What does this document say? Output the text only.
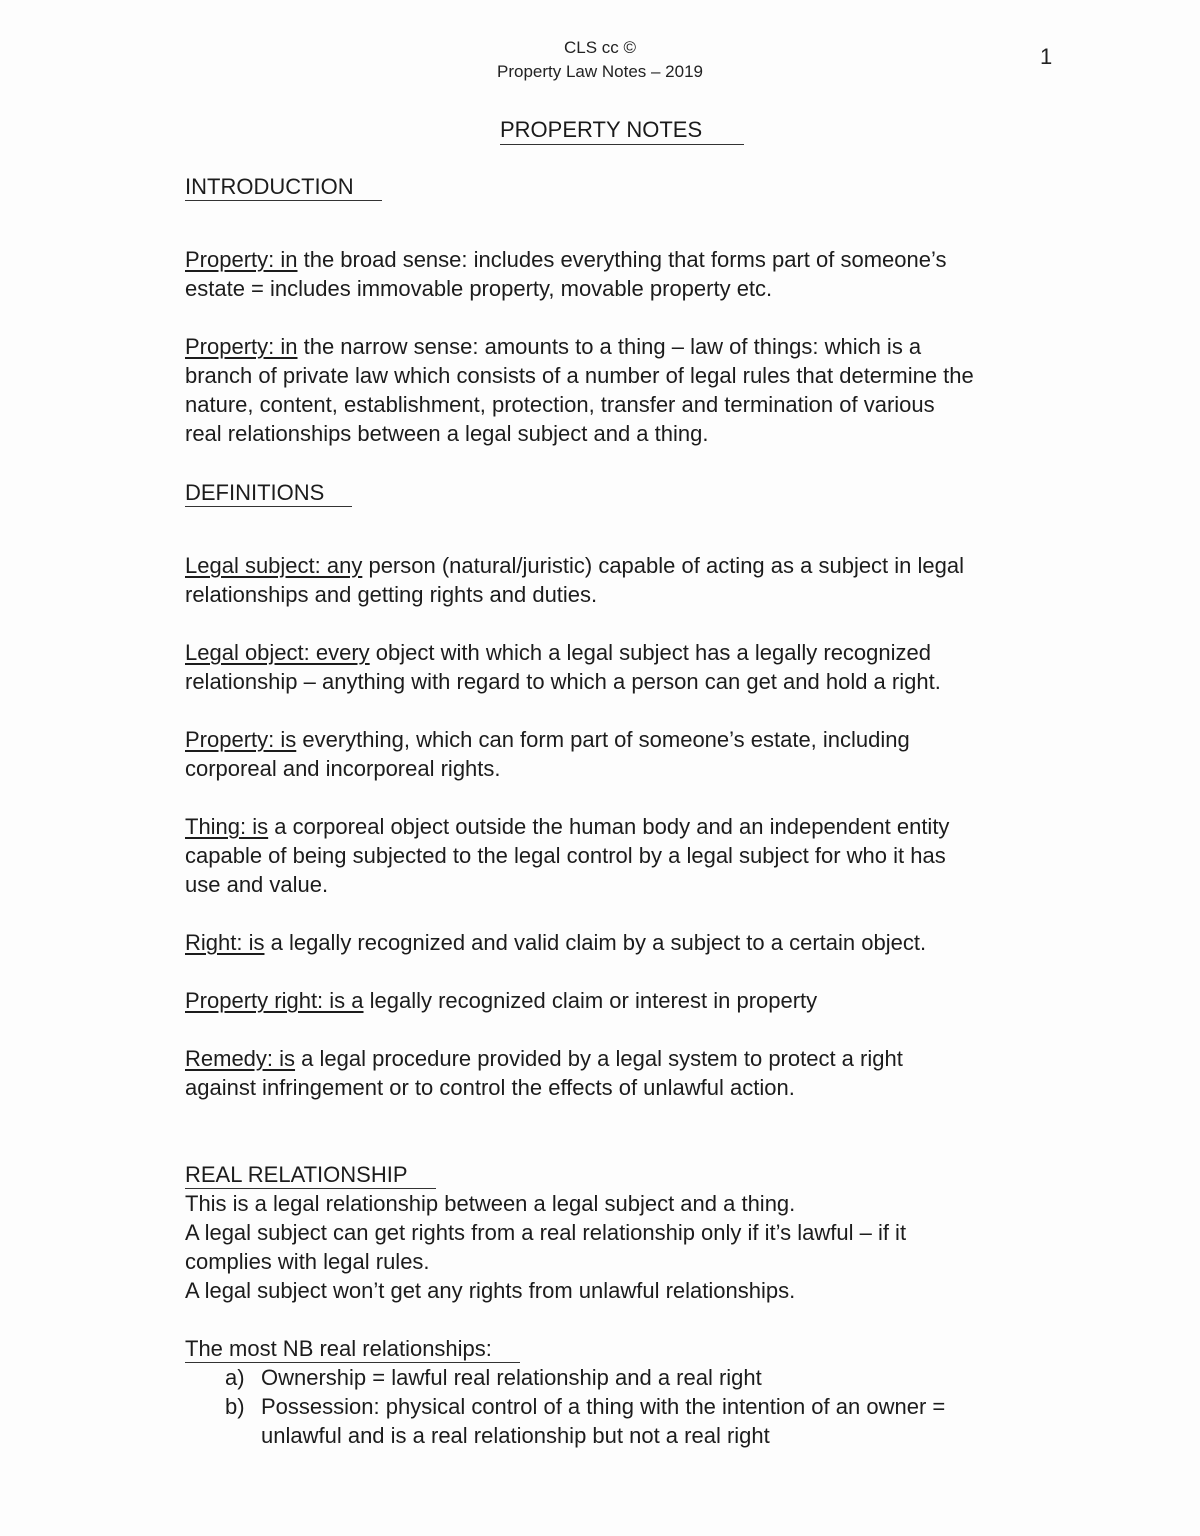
CLS cc ©
Property Law Notes – 2019
1
PROPERTY NOTES
INTRODUCTION

Property: in the broad sense: includes everything that forms part of someone’s estate = includes immovable property, movable property etc.

Property: in the narrow sense: amounts to a thing – law of things: which is a branch of private law which consists of a number of legal rules that determine the nature, content, establishment, protection, transfer and termination of various real relationships between a legal subject and a thing.

DEFINITIONS

Legal subject: any person (natural/juristic) capable of acting as a subject in legal relationships and getting rights and duties.

Legal object: every object with which a legal subject has a legally recognized relationship – anything with regard to which a person can get and hold a right.

Property: is everything, which can form part of someone’s estate, including corporeal and incorporeal rights.

Thing: is a corporeal object outside the human body and an independent entity capable of being subjected to the legal control by a legal subject for who it has use and value.

Right: is a legally recognized and valid claim by a subject to a certain object.

Property right: is a legally recognized claim or interest in property

Remedy: is a legal procedure provided by a legal system to protect a right against infringement or to control the effects of unlawful action.

REAL RELATIONSHIP

This is a legal relationship between a legal subject and a thing.

A legal subject can get rights from a real relationship only if it’s lawful – if it complies with legal rules.

A legal subject won’t get any rights from unlawful relationships.

The most NB real relationships:
a) Ownership = lawful real relationship and a real right
b) Possession: physical control of a thing with the intention of an owner = unlawful and is a real relationship but not a real right
